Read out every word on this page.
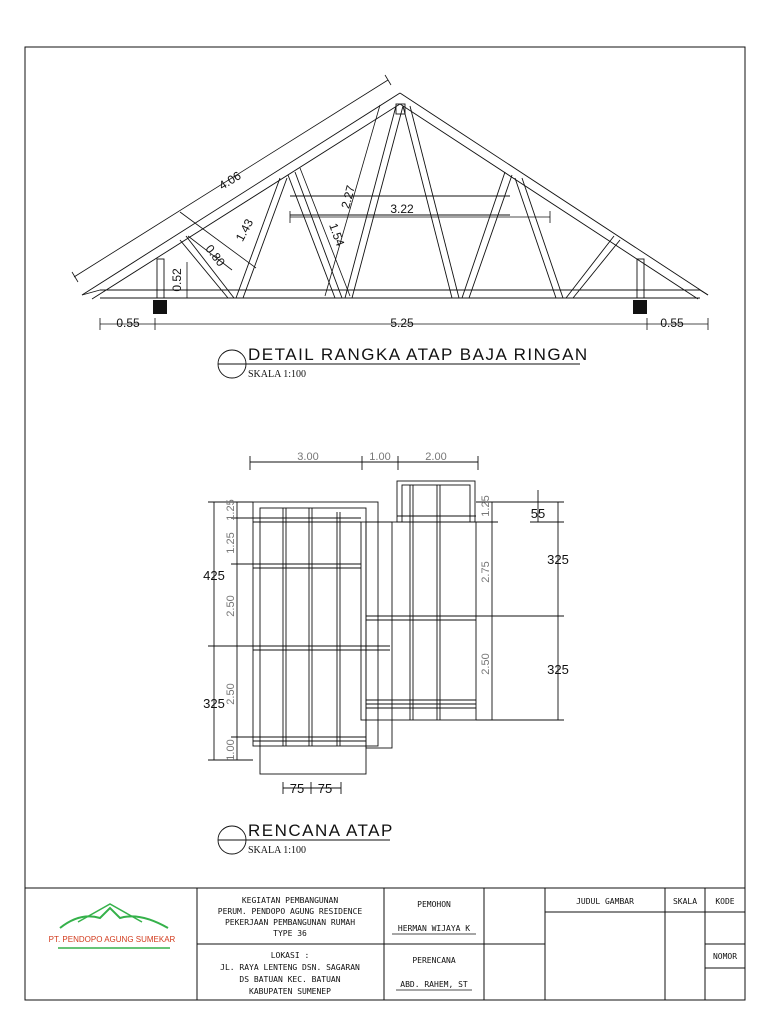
4.06
2.27
1.43	1.54
3.22
0.80
0.52
0.55	5.25	0.55
DETAIL RANGKA ATAP BAJA RINGAN
SKALA 1:100
3.00	1.00	2.00
1.25
1.25
2.50
2.50
1.00
425
325
1.25
2.75
2.50
55
325
325
75 75
RENCANA ATAP
SKALA 1:100
PT. PENDOPO AGUNG SUMEKAR
KEGIATAN PEMBANGUNAN
PERUM. PENDOPO AGUNG RESIDENCE
PEKERJAAN PEMBANGUNAN RUMAH
TYPE 36
LOKASI :
JL. RAYA LENTENG DSN. SAGARAN
DS BATUAN KEC. BATUAN
KABUPATEN SUMENEP
PEMOHON
HERMAN WIJAYA K
PERENCANA
ABD. RAHEM, ST
JUDUL GAMBAR	SKALA KODE
NOMOR
